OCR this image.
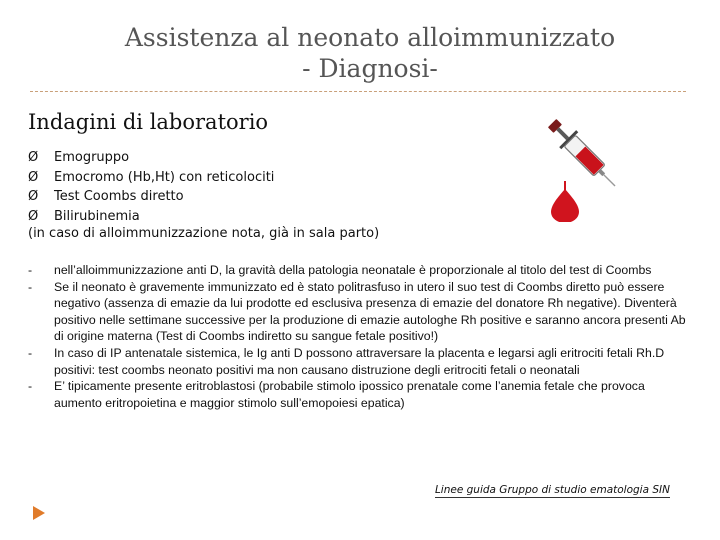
Assistenza al neonato alloimmunizzato
- Diagnosi-
Indagini di laboratorio
Ø Emogruppo
Ø Emocromo (Hb,Ht) con reticolociti
Ø Test Coombs diretto
Ø Bilirubinemia
(in caso di alloimmunizzazione nota, già in sala parto)
- nell’alloimmunizzazione anti D, la gravità della patologia neonatale è proporzionale al titolo del test di Coombs
- Se il neonato è gravemente immunizzato ed è stato politrasfuso in utero il suo test di Coombs diretto può essere negativo (assenza di emazie da lui prodotte ed esclusiva presenza di emazie del donatore Rh negative). Diventerà positivo nelle settimane successive per la produzione di emazie autologhe Rh positive e saranno ancora presenti Ab di origine materna (Test di Coombs indiretto su sangue fetale positivo!)
- In caso di IP antenatale sistemica, le Ig anti D possono attraversare la placenta e legarsi agli eritrociti fetali Rh.D positivi: test coombs neonato positivi ma non causano distruzione degli eritrociti fetali o neonatali
- E’ tipicamente presente eritroblastosi (probabile stimolo ipossico prenatale come l’anemia fetale che provoca aumento eritropoietina e maggior stimolo sull’emopoiesi epatica)
Linee guida Gruppo di studio ematologia SIN
